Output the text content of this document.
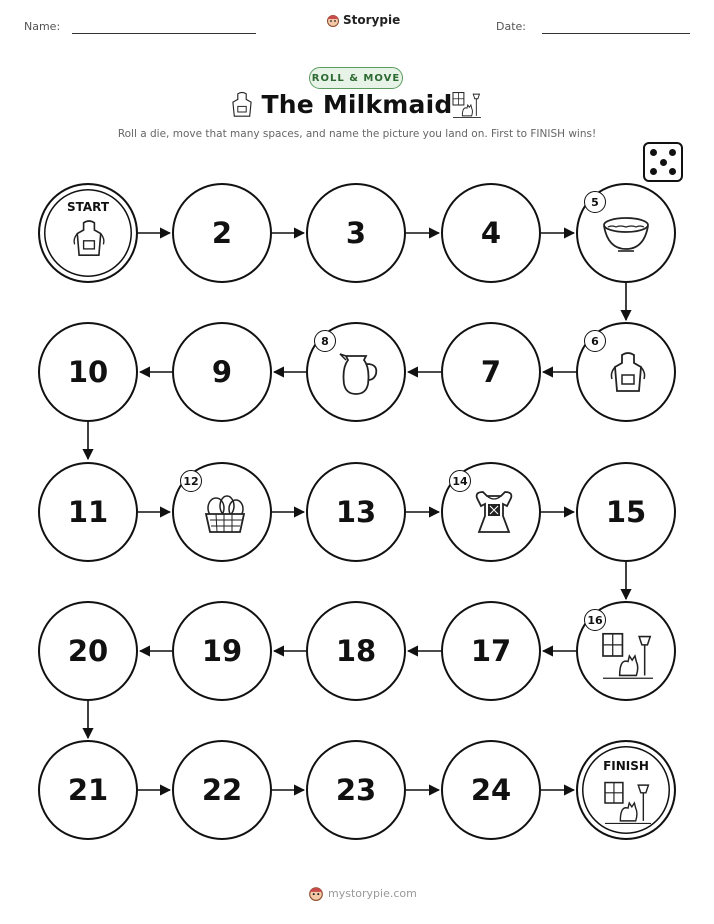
Name:	Storypie	Date:
ROLL & MOVE
The Milkmaid
Roll a die, move that many spaces, and name the picture you land on. First to FINISH wins!
START
2	3	4
5
10	9
8
7
6
11
12
13
14
15
20	19	18	17
16
21	22	23	24
FINISH
mystorypie.com
